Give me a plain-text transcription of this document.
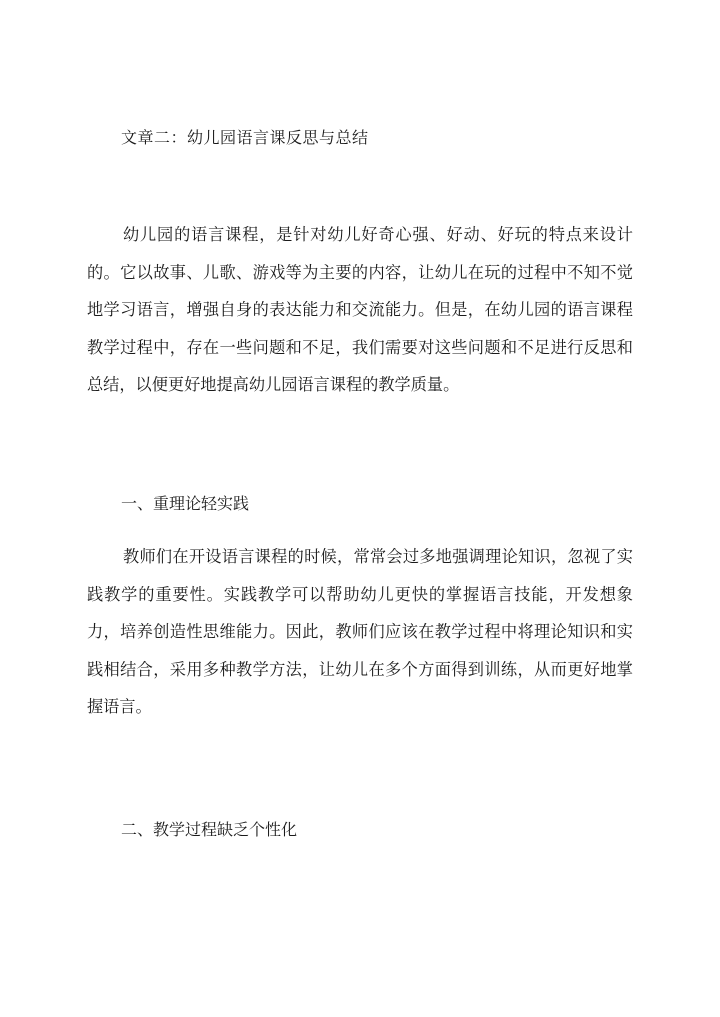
文章二：幼儿园语言课反思与总结

幼儿园的语言课程，是针对幼儿好奇心强、好动、好玩的特点来设计的。它以故事、儿歌、游戏等为主要的内容，让幼儿在玩的过程中不知不觉地学习语言，增强自身的表达能力和交流能力。但是，在幼儿园的语言课程教学过程中，存在一些问题和不足，我们需要对这些问题和不足进行反思和总结，以便更好地提高幼儿园语言课程的教学质量。

一、重理论轻实践

教师们在开设语言课程的时候，常常会过多地强调理论知识，忽视了实践教学的重要性。实践教学可以帮助幼儿更快的掌握语言技能，开发想象力，培养创造性思维能力。因此，教师们应该在教学过程中将理论知识和实践相结合，采用多种教学方法，让幼儿在多个方面得到训练，从而更好地掌握语言。

二、教学过程缺乏个性化
